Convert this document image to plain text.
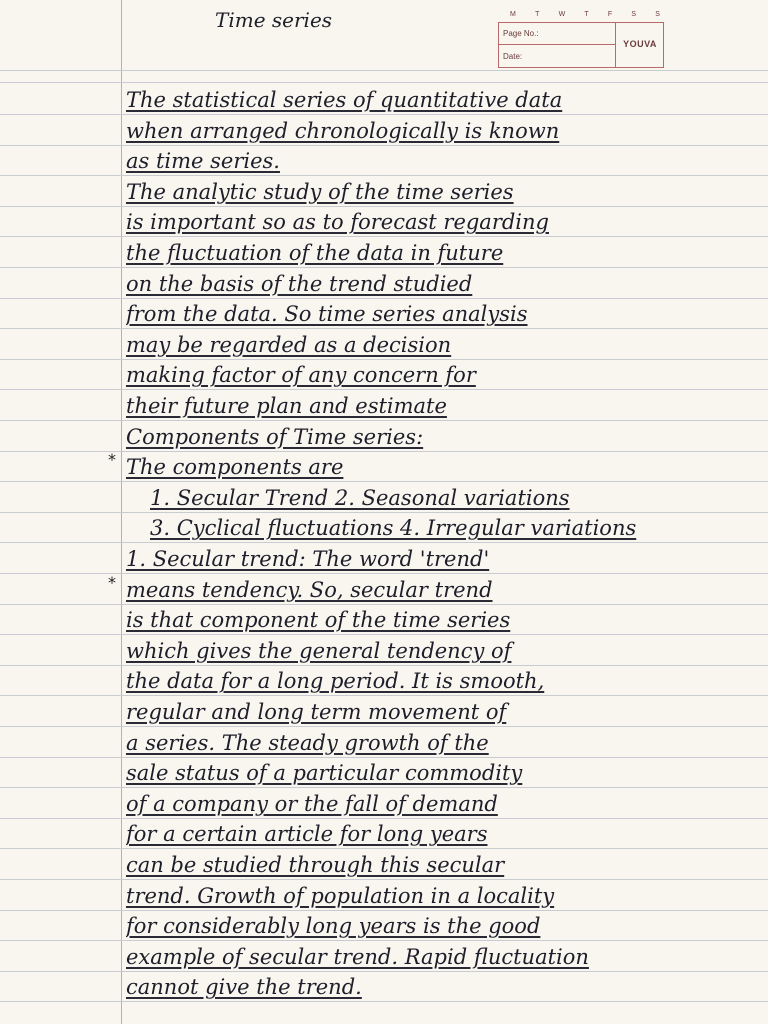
Time series	M	T	W	T	F	S	S
Page No.:
Date:
YOUVA
*
*
The statistical series of quantitative data
when arranged chronologically is known
as time series.
The analytic study of the time series
is important so as to forecast regarding
the fluctuation of the data in future
on the basis of the trend studied
from the data. So time series analysis
may be regarded as a decision
making factor of any concern for
their future plan and estimate
Components of Time series:
The components are
1. Secular Trend 2. Seasonal variations
3. Cyclical fluctuations 4. Irregular variations
1. Secular trend: The word 'trend'
means tendency. So, secular trend
is that component of the time series
which gives the general tendency of
the data for a long period. It is smooth,
regular and long term movement of
a series. The steady growth of the
sale status of a particular commodity
of a company or the fall of demand
for a certain article for long years
can be studied through this secular
trend. Growth of population in a locality
for considerably long years is the good
example of secular trend. Rapid fluctuation
cannot give the trend.
